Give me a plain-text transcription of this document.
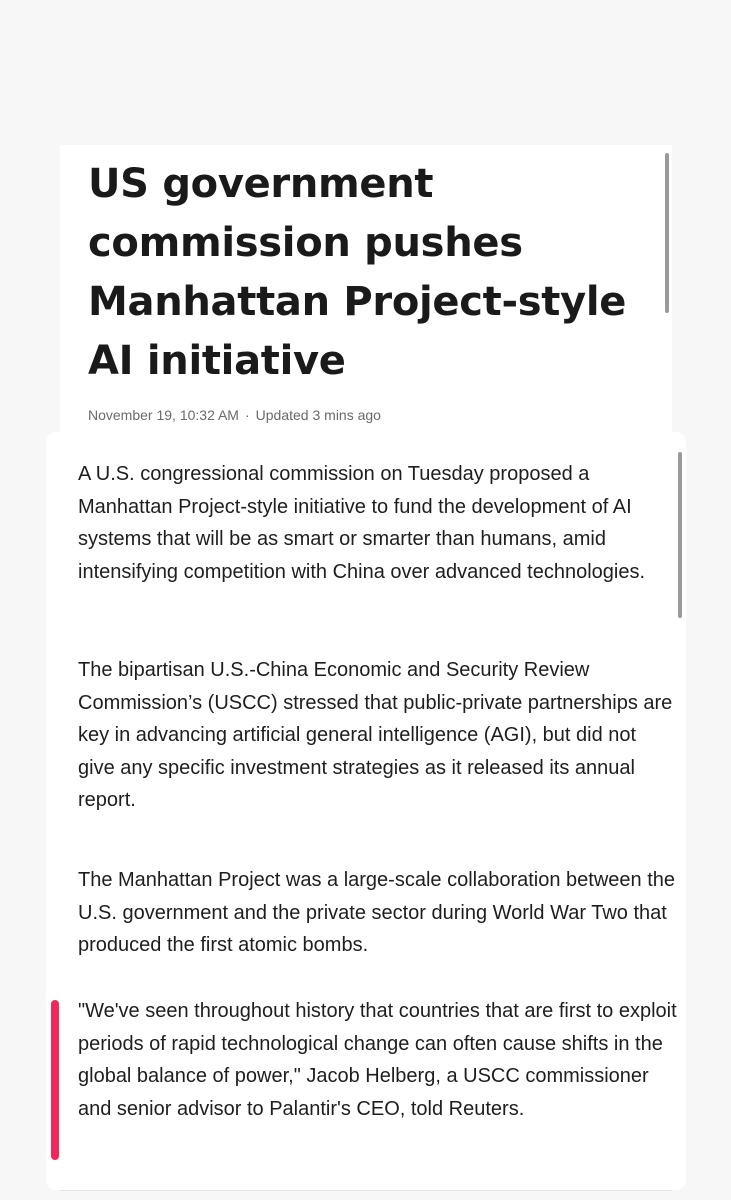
US government commission pushes Manhattan Project-style AI initiative
November 19, 10:32 AM · Updated 3 mins ago

A U.S. congressional commission on Tuesday proposed a Manhattan Project-style initiative to fund the development of AI systems that will be as smart or smarter than humans, amid intensifying competition with China over advanced technologies.

The bipartisan U.S.-China Economic and Security Review Commission’s (USCC) stressed that public-private partnerships are key in advancing artificial general intelligence (AGI), but did not give any specific investment strategies as it released its annual report.

The Manhattan Project was a large-scale collaboration between the U.S. government and the private sector during World War Two that produced the first atomic bombs.

"We've seen throughout history that countries that are first to exploit periods of rapid technological change can often cause shifts in the global balance of power," Jacob Helberg, a USCC commissioner and senior advisor to Palantir's CEO, told Reuters.
